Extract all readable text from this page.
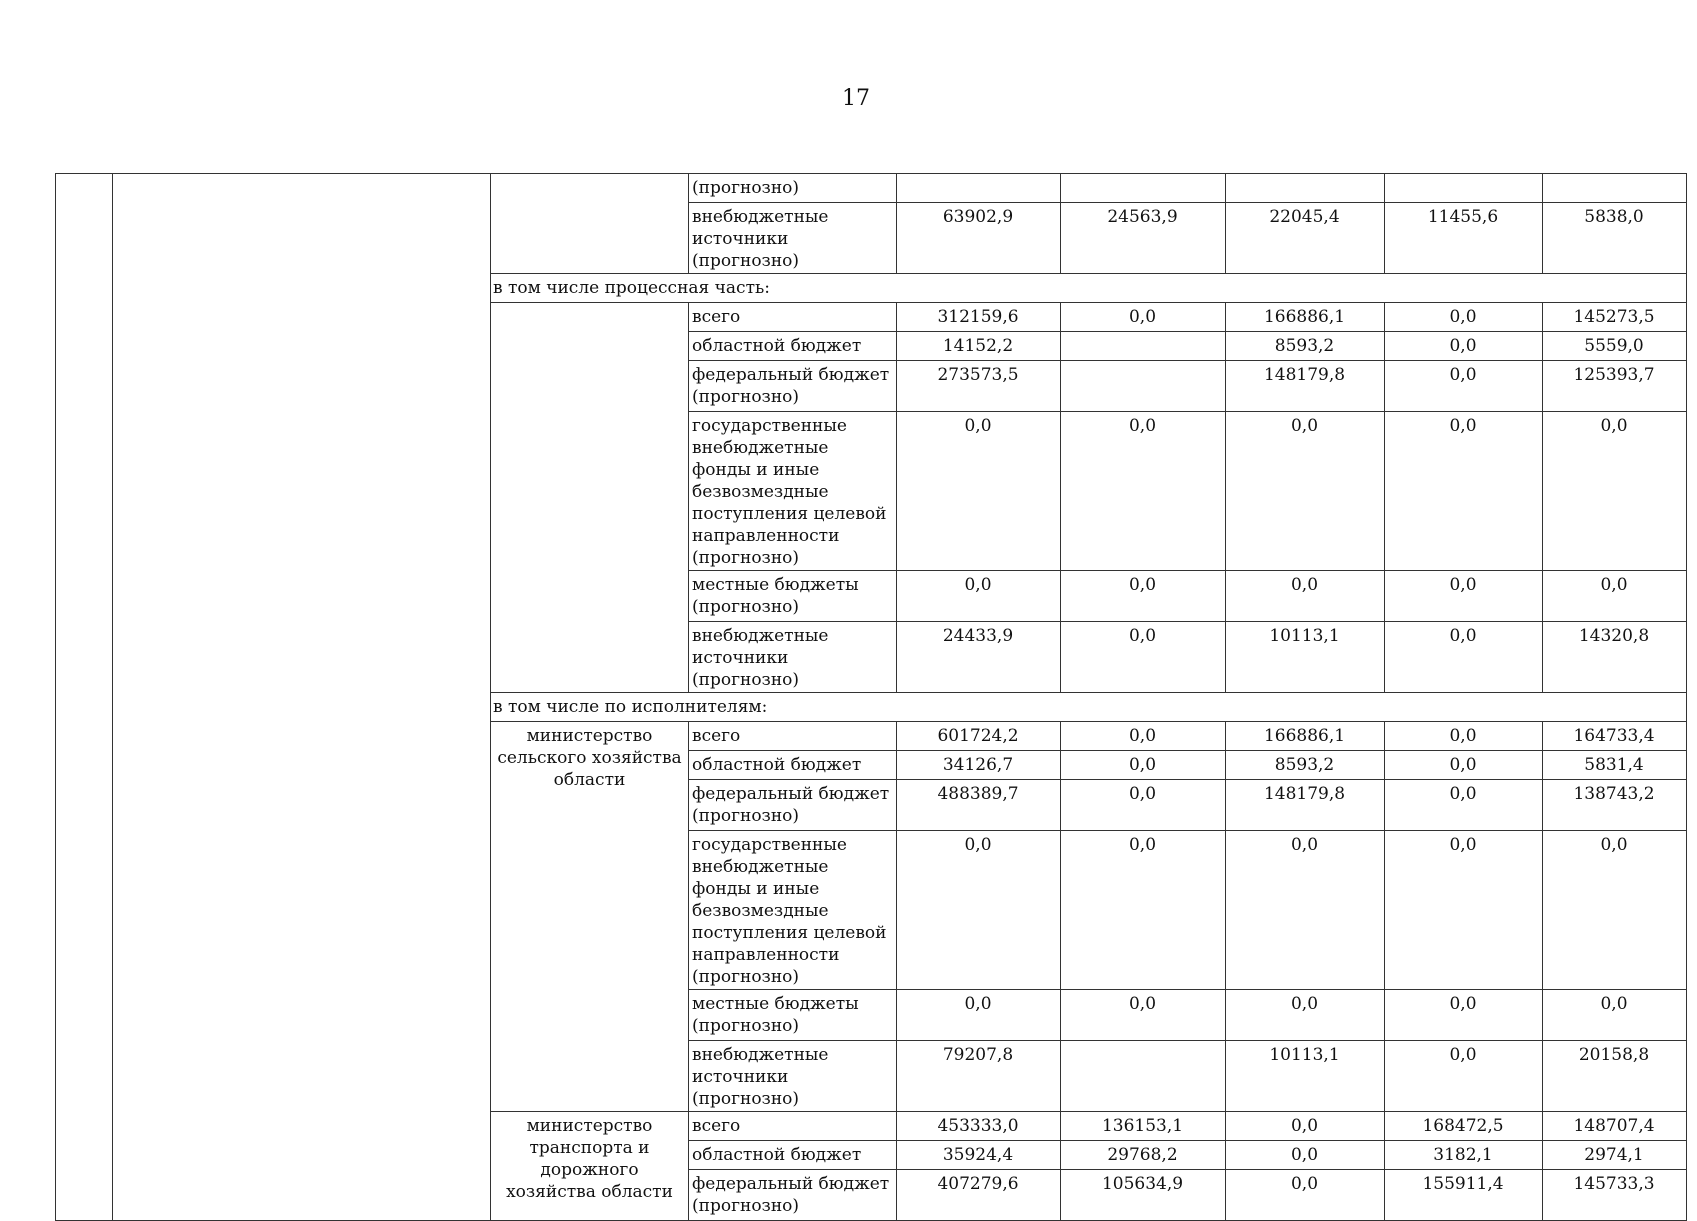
17
			(прогнозно)					
			внебюджетные источники (прогнозно)	63902,9	24563,9	22045,4	11455,6	5838,0
		в том числе процессная часть:						
			всего	312159,6	0,0	166886,1	0,0	145273,5
			областной бюджет	14152,2		8593,2	0,0	5559,0
			федеральный бюджет (прогнозно)	273573,5		148179,8	0,0	125393,7
			государственные внебюджетные фонды и иные безвозмездные поступления целевой направленности (прогнозно)	0,0	0,0	0,0	0,0	0,0
			местные бюджеты (прогнозно)	0,0	0,0	0,0	0,0	0,0
			внебюджетные источники (прогнозно)	24433,9	0,0	10113,1	0,0	14320,8
		в том числе по исполнителям:						
		министерство сельского хозяйства области	всего	601724,2	0,0	166886,1	0,0	164733,4
			областной бюджет	34126,7	0,0	8593,2	0,0	5831,4
			федеральный бюджет (прогнозно)	488389,7	0,0	148179,8	0,0	138743,2
			государственные внебюджетные фонды и иные безвозмездные поступления целевой направленности (прогнозно)	0,0	0,0	0,0	0,0	0,0
			местные бюджеты (прогнозно)	0,0	0,0	0,0	0,0	0,0
			внебюджетные источники (прогнозно)	79207,8		10113,1	0,0	20158,8
		министерство транспорта и дорожного хозяйства области	всего	453333,0	136153,1	0,0	168472,5	148707,4
			областной бюджет	35924,4	29768,2	0,0	3182,1	2974,1
			федеральный бюджет (прогнозно)	407279,6	105634,9	0,0	155911,4	145733,3
